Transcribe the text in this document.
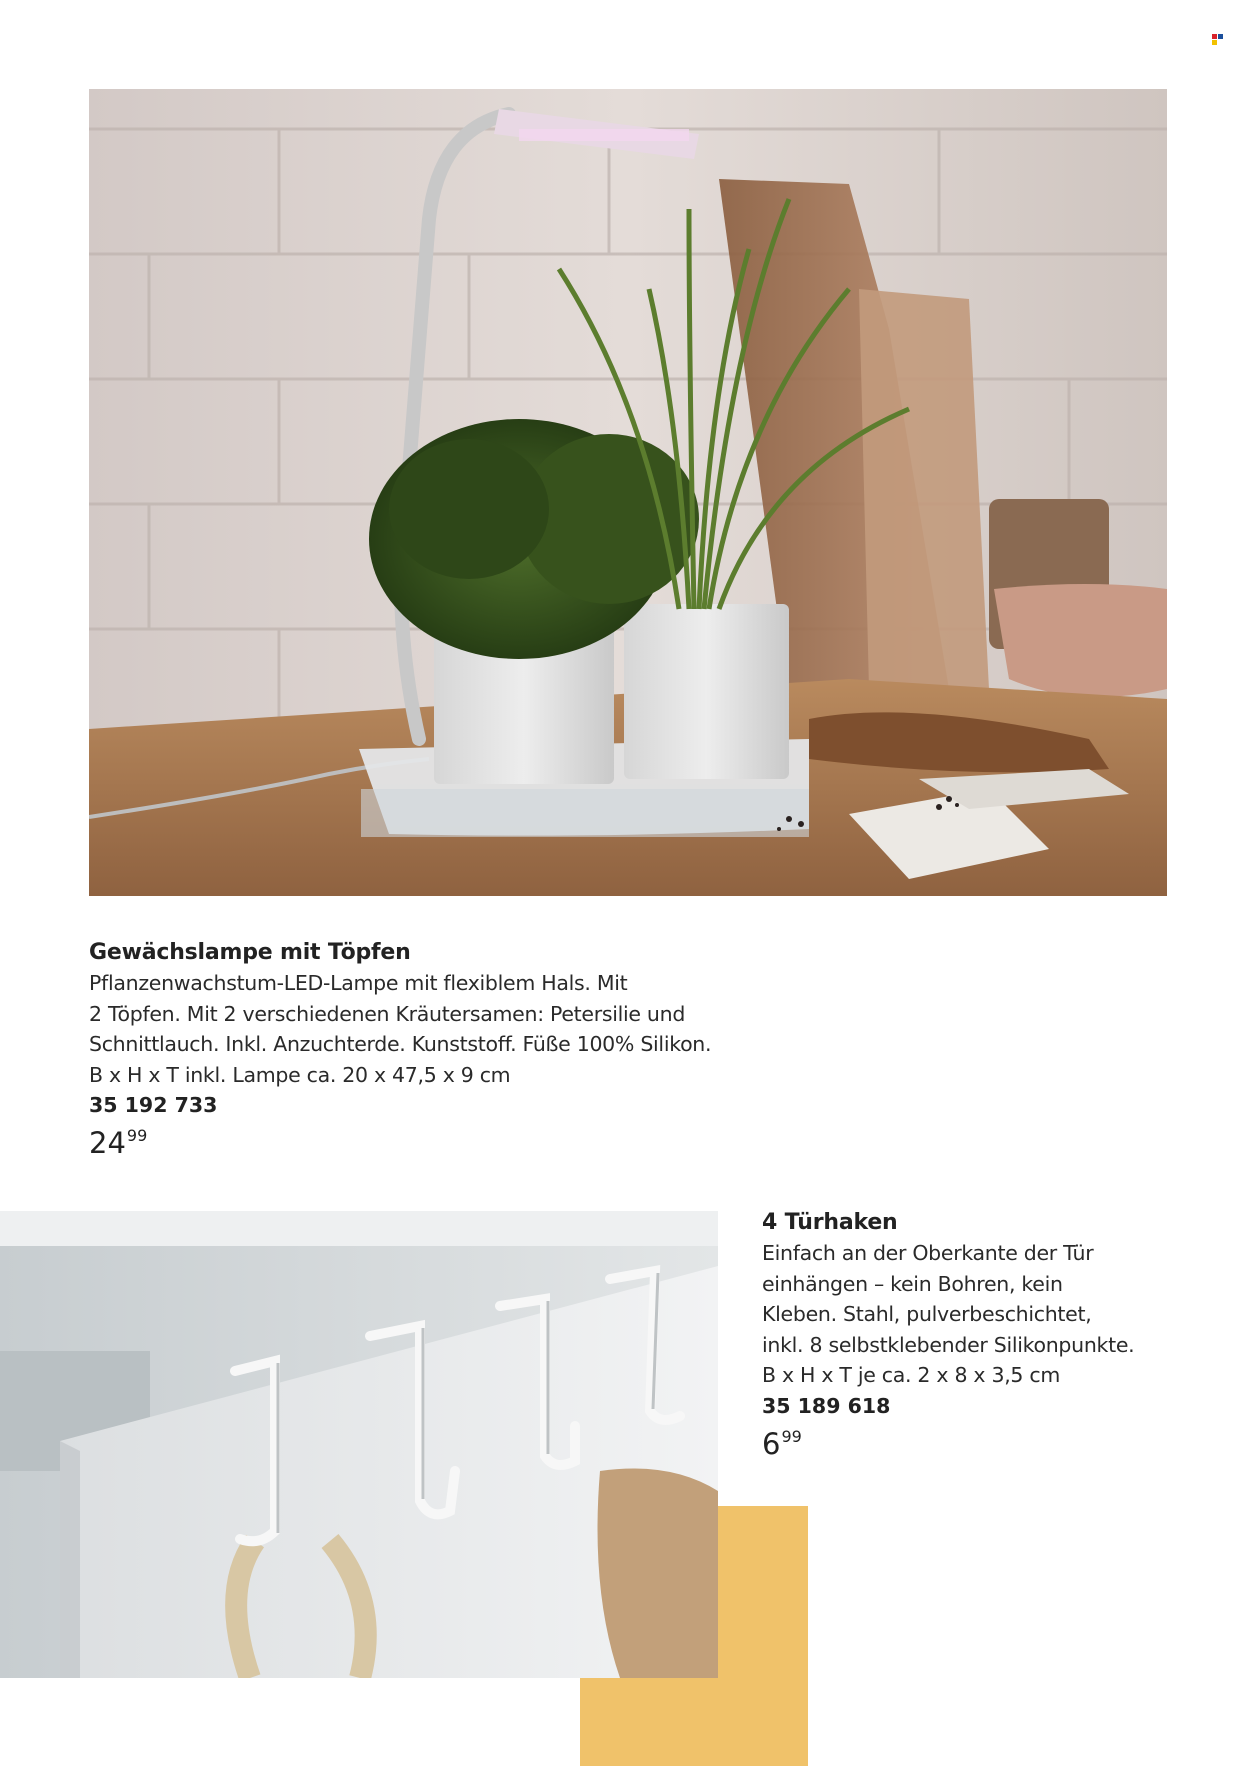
Gewächslampe mit Töpfen
Pflanzenwachstum-LED-Lampe mit flexiblem Hals. Mit
2 Töpfen. Mit 2 verschiedenen Kräutersamen: Petersilie und
Schnittlauch. Inkl. Anzuchterde. Kunststoff. Füße 100% Silikon.
B x H x T inkl. Lampe ca. 20 x 47,5 x 9 cm
35 192 733
2499
4 Türhaken
Einfach an der Oberkante der Tür
einhängen – kein Bohren, kein
Kleben. Stahl, pulverbeschichtet,
inkl. 8 selbstklebender Silikonpunkte.
B x H x T je ca. 2 x 8 x 3,5 cm
35 189 618
699
